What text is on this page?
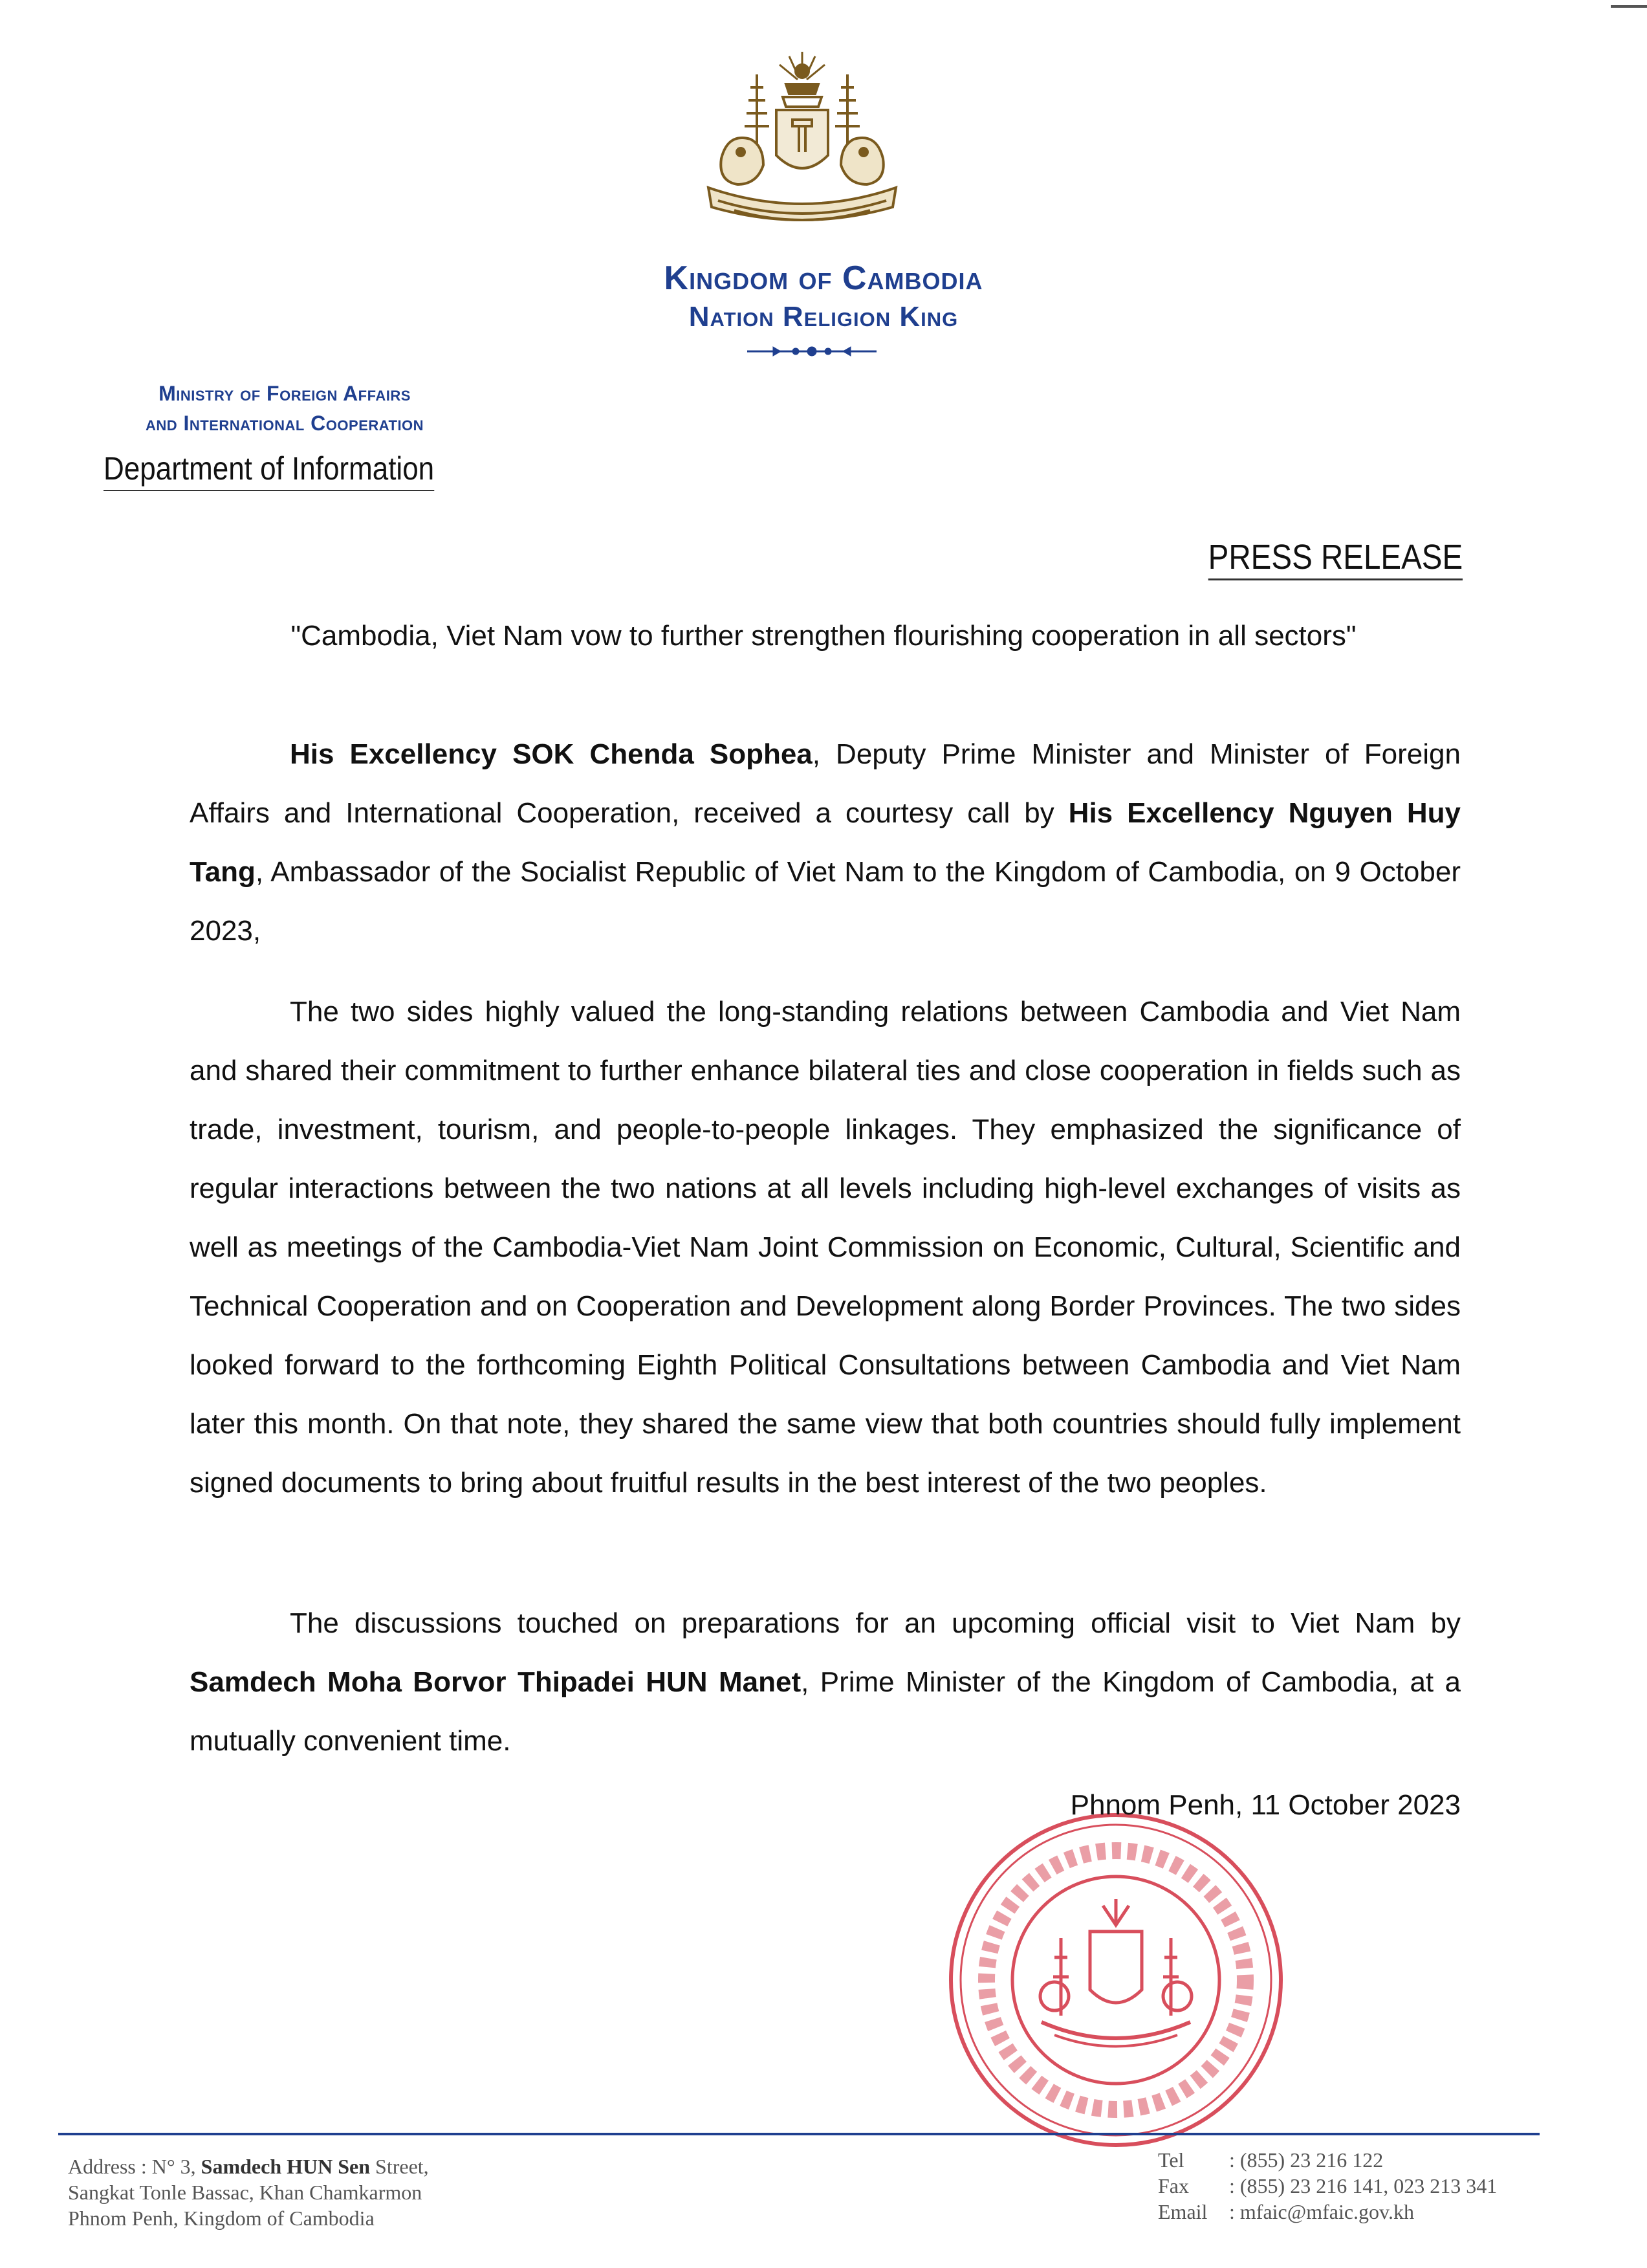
Kingdom of Cambodia
Nation Religion King
Ministry of Foreign Affairs
and International Cooperation
Department of Information
PRESS RELEASE
"Cambodia, Viet Nam vow to further strengthen flourishing cooperation in all sectors"

His Excellency SOK Chenda Sophea, Deputy Prime Minister and Minister of Foreign Affairs and International Cooperation, received a courtesy call by His Excellency Nguyen Huy Tang, Ambassador of the Socialist Republic of Viet Nam to the Kingdom of Cambodia, on 9 October 2023,

The two sides highly valued the long-standing relations between Cambodia and Viet Nam and shared their commitment to further enhance bilateral ties and close cooperation in fields such as trade, investment, tourism, and people-to-people linkages. They emphasized the significance of regular interactions between the two nations at all levels including high-level exchanges of visits as well as meetings of the Cambodia-Viet Nam Joint Commission on Economic, Cultural, Scientific and Technical Cooperation and on Cooperation and Development along Border Provinces. The two sides looked forward to the forthcoming Eighth Political Consultations between Cambodia and Viet Nam later this month. On that note, they shared the same view that both countries should fully implement signed documents to bring about fruitful results in the best interest of the two peoples.

The discussions touched on preparations for an upcoming official visit to Viet Nam by Samdech Moha Borvor Thipadei HUN Manet, Prime Minister of the Kingdom of Cambodia, at a mutually convenient time.

Phnom Penh, 11 October 2023
Address : N° 3, Samdech HUN Sen Street,
Sangkat Tonle Bassac, Khan Chamkarmon
Phnom Penh, Kingdom of Cambodia
Tel	: (855) 23 216 122
Fax	: (855) 23 216 141, 023 213 341
Email	: mfaic@mfaic.gov.kh
